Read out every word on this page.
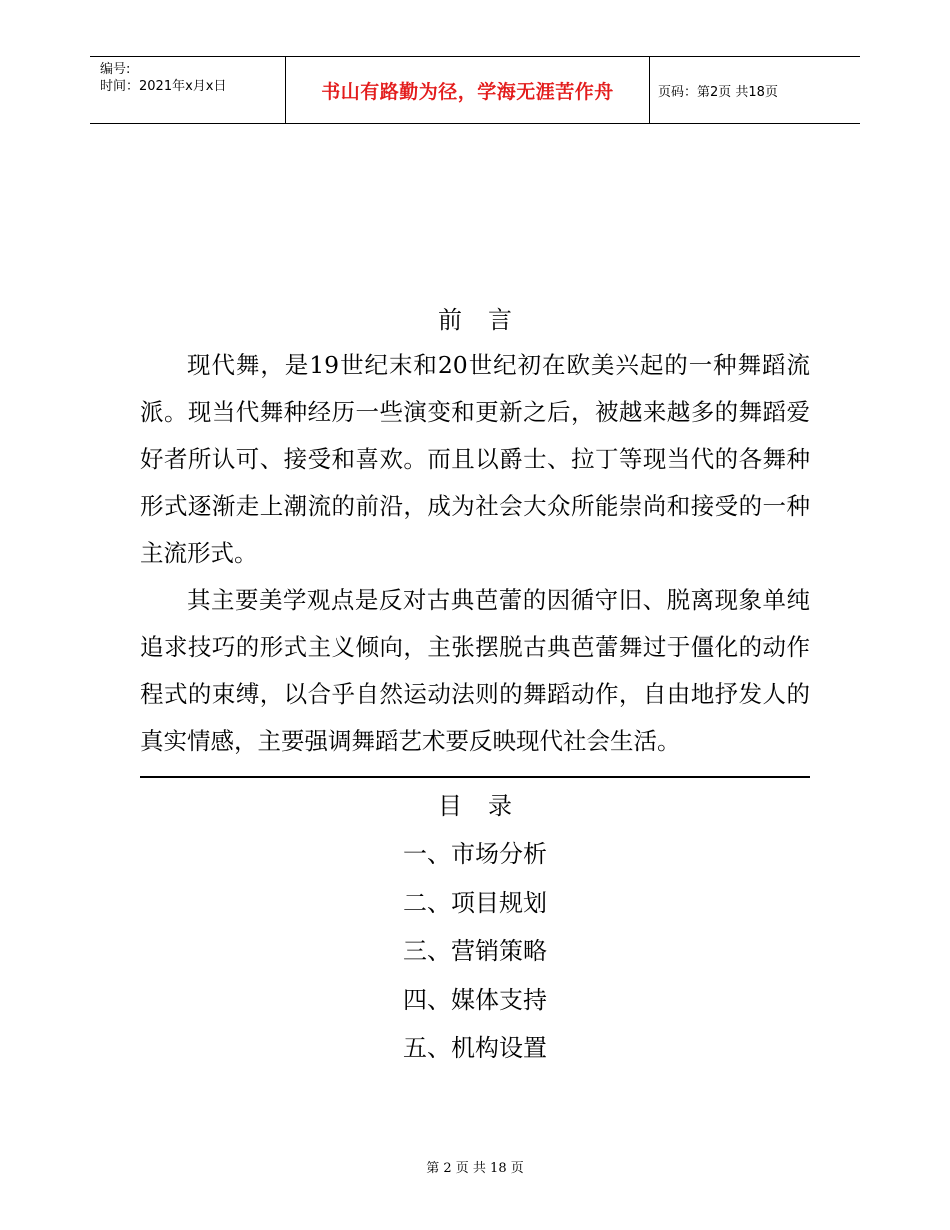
编号:
时间：2021年x月x日	书山有路勤为径，学海无涯苦作舟	页码：第2页 共18页
前 言

现代舞，是19世纪末和20世纪初在欧美兴起的一种舞蹈流派。现当代舞种经历一些演变和更新之后，被越来越多的舞蹈爱好者所认可、接受和喜欢。而且以爵士、拉丁等现当代的各舞种形式逐渐走上潮流的前沿，成为社会大众所能崇尚和接受的一种主流形式。

其主要美学观点是反对古典芭蕾的因循守旧、脱离现象单纯追求技巧的形式主义倾向，主张摆脱古典芭蕾舞过于僵化的动作程式的束缚，以合乎自然运动法则的舞蹈动作，自由地抒发人的真实情感，主要强调舞蹈艺术要反映现代社会生活。

目 录
一、市场分析
二、项目规划
三、营销策略
四、媒体支持
五、机构设置
第 2 页 共 18 页
